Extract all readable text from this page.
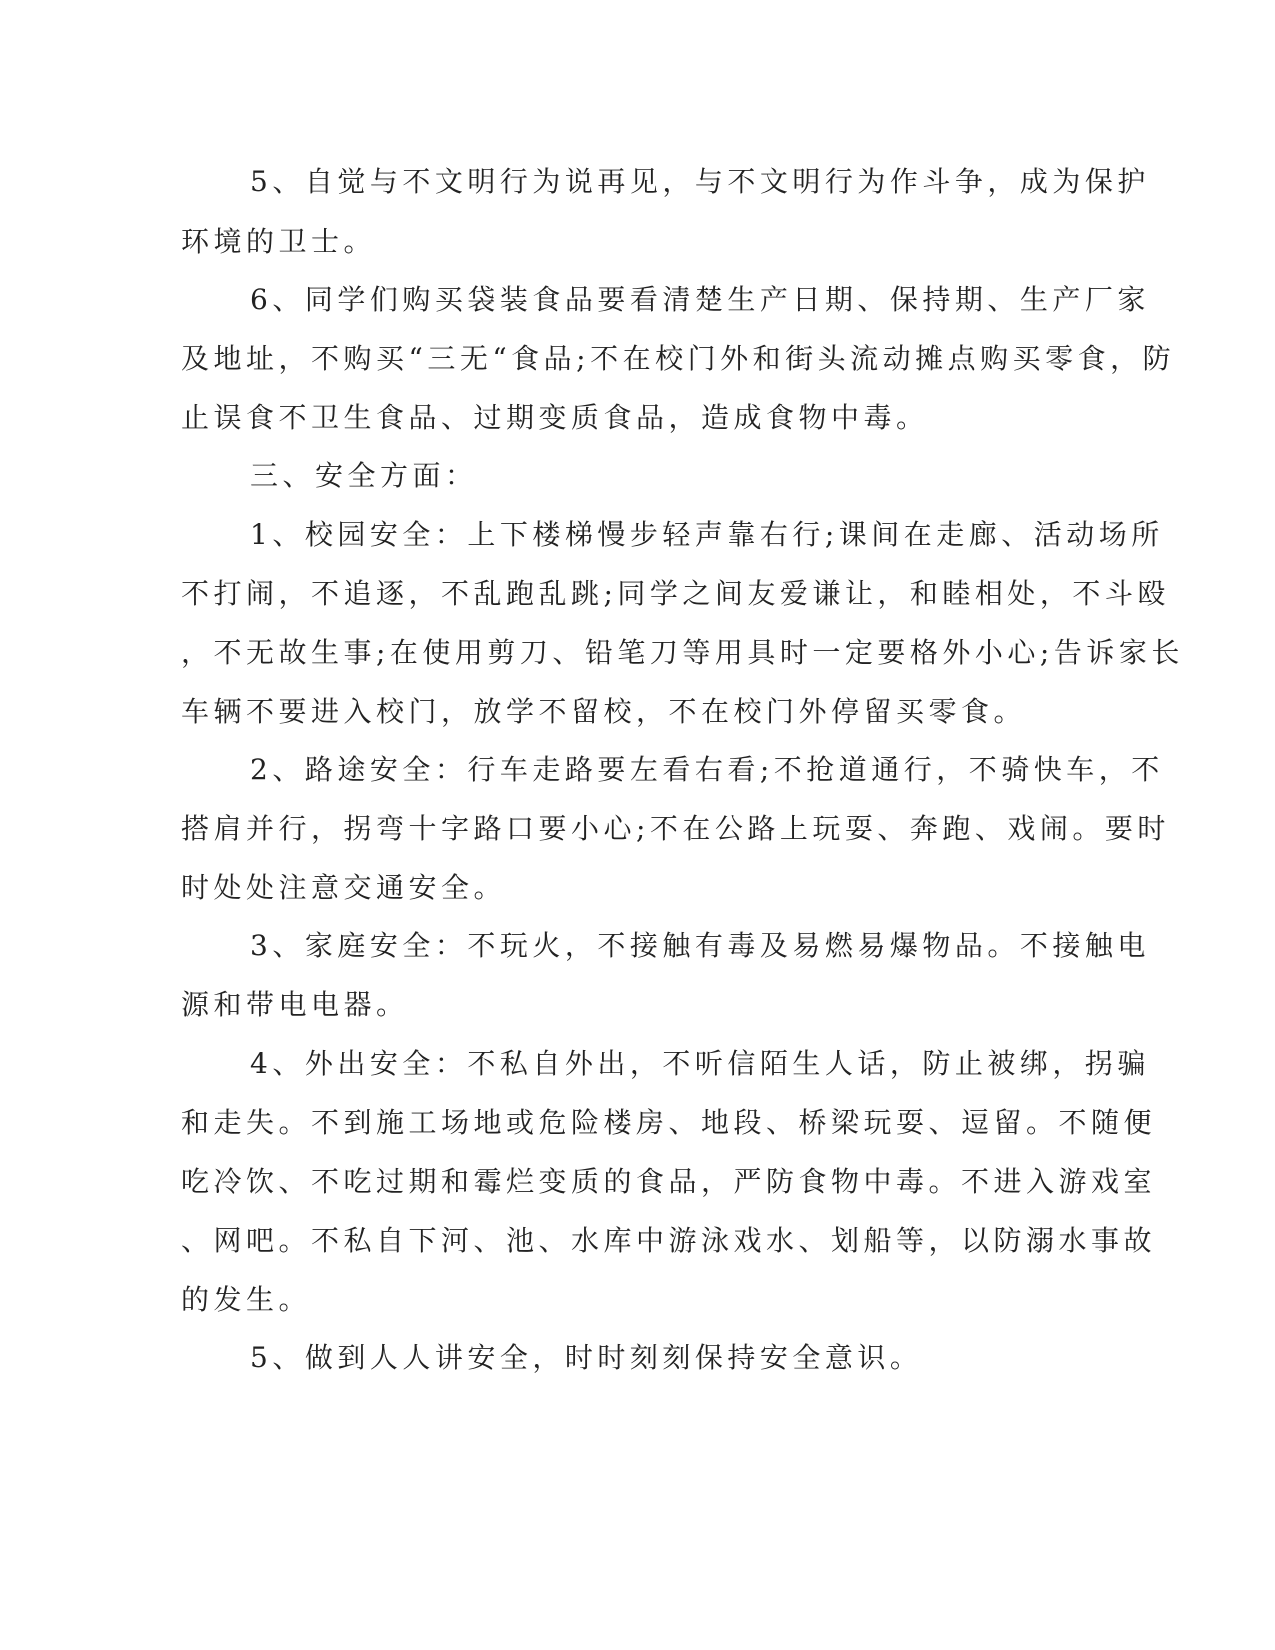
5、自觉与不文明行为说再见，与不文明行为作斗争，成为保护

环境的卫士。

6、同学们购买袋装食品要看清楚生产日期、保持期、生产厂家

及地址，不购买“三无“食品;不在校门外和街头流动摊点购买零食，防

止误食不卫生食品、过期变质食品，造成食物中毒。

三、安全方面：

1、校园安全：上下楼梯慢步轻声靠右行;课间在走廊、活动场所

不打闹，不追逐，不乱跑乱跳;同学之间友爱谦让，和睦相处，不斗殴

，不无故生事;在使用剪刀、铅笔刀等用具时一定要格外小心;告诉家长

车辆不要进入校门，放学不留校，不在校门外停留买零食。

2、路途安全：行车走路要左看右看;不抢道通行，不骑快车，不

搭肩并行，拐弯十字路口要小心;不在公路上玩耍、奔跑、戏闹。要时

时处处注意交通安全。

3、家庭安全：不玩火，不接触有毒及易燃易爆物品。不接触电

源和带电电器。

4、外出安全：不私自外出，不听信陌生人话，防止被绑，拐骗

和走失。不到施工场地或危险楼房、地段、桥梁玩耍、逗留。不随便

吃冷饮、不吃过期和霉烂变质的食品，严防食物中毒。不进入游戏室

、网吧。不私自下河、池、水库中游泳戏水、划船等，以防溺水事故

的发生。

5、做到人人讲安全，时时刻刻保持安全意识。
